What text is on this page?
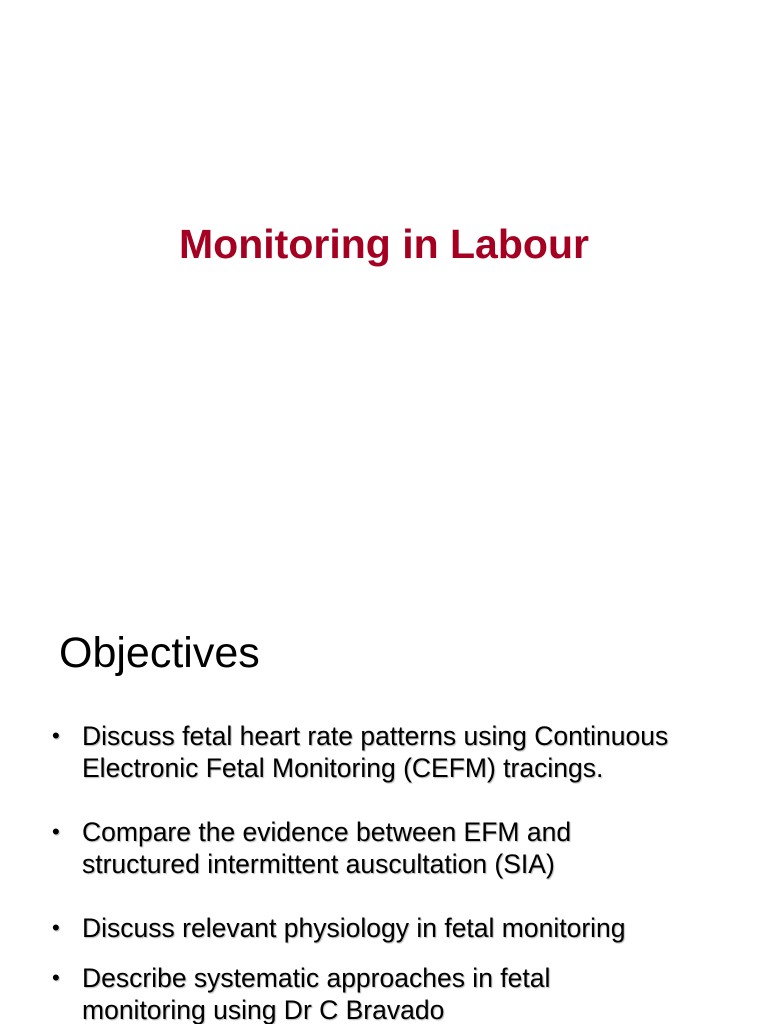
Monitoring in Labour
Objectives
• Discuss fetal heart rate patterns using Continuous
Electronic Fetal Monitoring (CEFM) tracings.
• Compare the evidence between EFM and
structured intermittent auscultation (SIA)
• Discuss relevant physiology in fetal monitoring
• Describe systematic approaches in fetal
monitoring using Dr C Bravado
